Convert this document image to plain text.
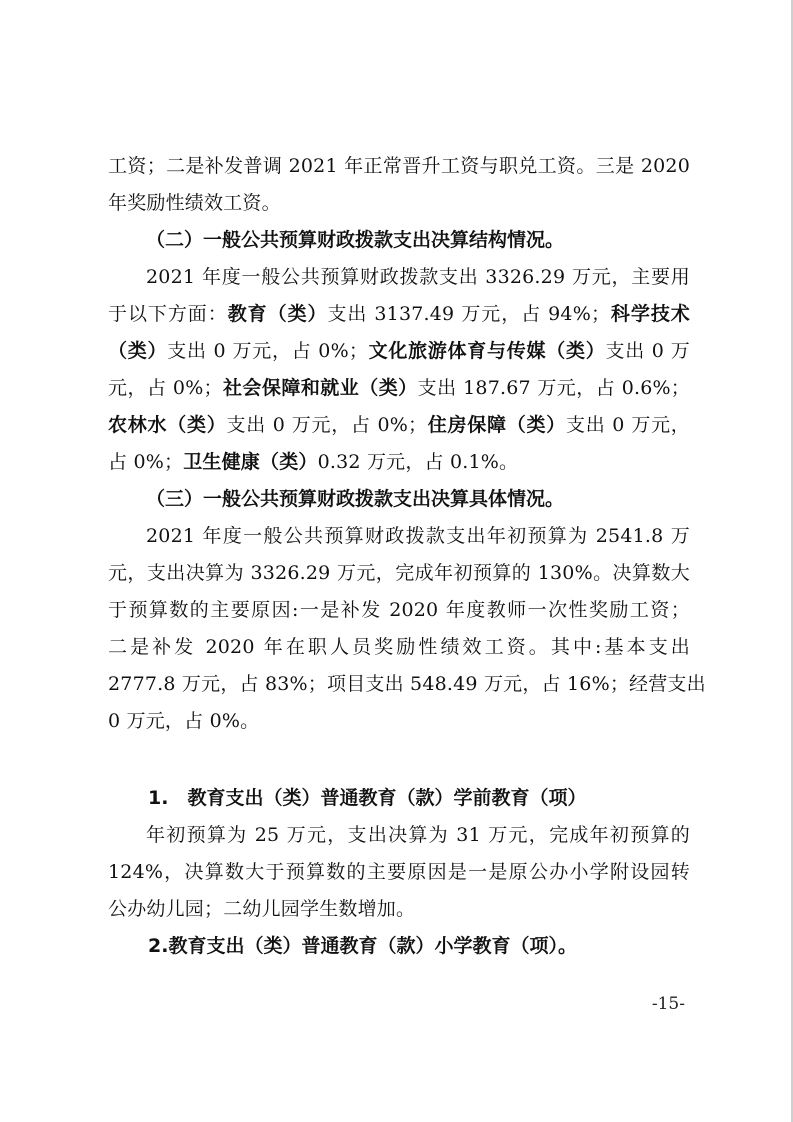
工资；二是补发普调 2021 年正常晋升工资与职兑工资。三是 2020

年奖励性绩效工资。

（二）一般公共预算财政拨款支出决算结构情况。

2021 年度一般公共预算财政拨款支出 3326.29 万元，主要用

于以下方面：教育（类）支出 3137.49 万元，占 94%；科学技术

（类）支出 0 万元，占 0%；文化旅游体育与传媒（类）支出 0 万

元，占 0%；社会保障和就业（类）支出 187.67 万元，占 0.6%；

农林水（类）支出 0 万元，占 0%；住房保障（类）支出 0 万元，

占 0%；卫生健康（类）0.32 万元，占 0.1%。

（三）一般公共预算财政拨款支出决算具体情况。

2021 年度一般公共预算财政拨款支出年初预算为 2541.8 万

元，支出决算为 3326.29 万元，完成年初预算的 130%。决算数大

于预算数的主要原因:一是补发 2020 年度教师一次性奖励工资；

二是补发 2020 年在职人员奖励性绩效工资。其中:基本支出

2777.8 万元，占 83%；项目支出 548.49 万元，占 16%；经营支出

0 万元，占 0%。

1.　教育支出（类）普通教育（款）学前教育（项）

年初预算为 25 万元，支出决算为 31 万元，完成年初预算的

124%，决算数大于预算数的主要原因是一是原公办小学附设园转

公办幼儿园；二幼儿园学生数增加。

2.教育支出（类）普通教育（款）小学教育（项）。

-15-
